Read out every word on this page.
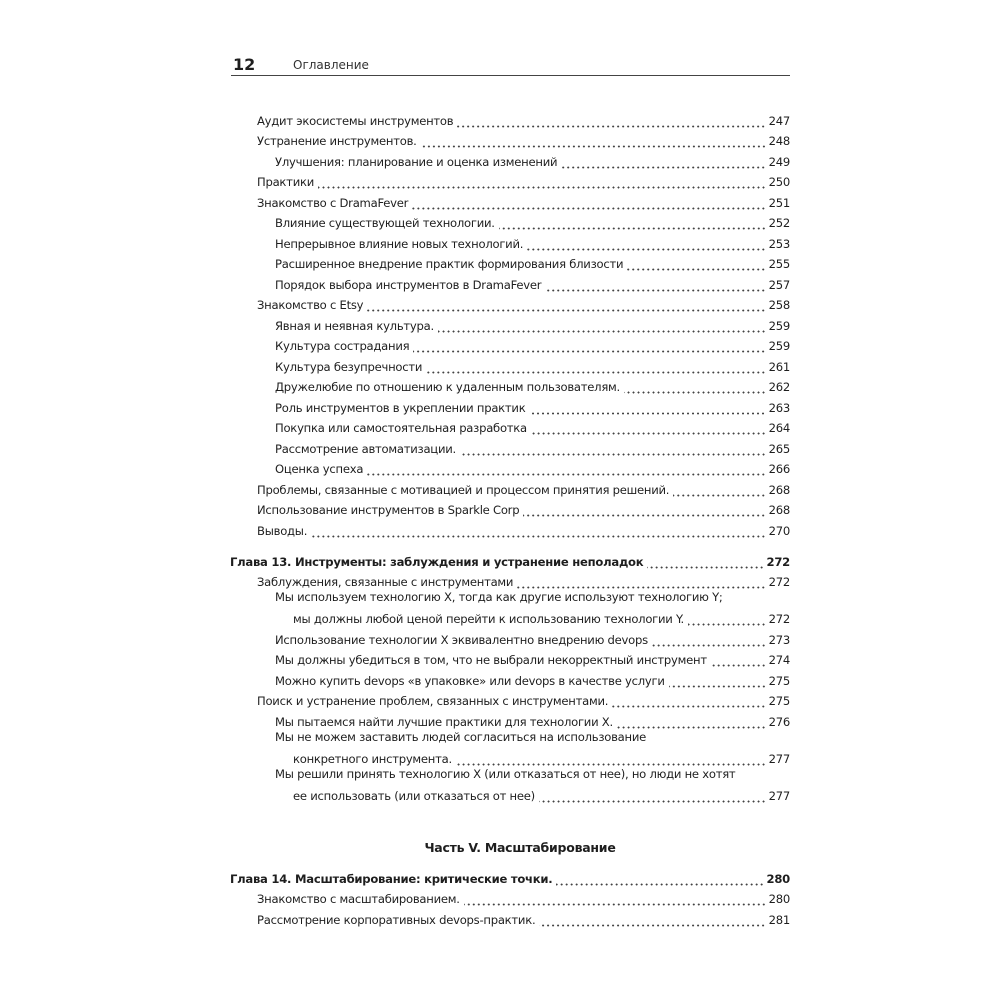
12	Оглавление
Аудит экосистемы инструментов	247
Устранение инструментов.	248
Улучшения: планирование и оценка изменений	249
Практики	250
Знакомство с DramaFever	251
Влияние существующей технологии.	252
Непрерывное влияние новых технологий.	253
Расширенное внедрение практик формирования близости	255
Порядок выбора инструментов в DramaFever	257
Знакомство с Etsy	258
Явная и неявная культура.	259
Культура сострадания	259
Культура безупречности	261
Дружелюбие по отношению к удаленным пользователям.	262
Роль инструментов в укреплении практик	263
Покупка или самостоятельная разработка	264
Рассмотрение автоматизации.	265
Оценка успеха	266
Проблемы, связанные с мотивацией и процессом принятия решений.	268
Использование инструментов в Sparkle Corp	268
Выводы.	270
Глава 13. Инструменты: заблуждения и устранение неполадок	272
Заблуждения, связанные с инструментами	272
Мы используем технологию X, тогда как другие используют технологию Y;
мы должны любой ценой перейти к использованию технологии Y.	272
Использование технологии X эквивалентно внедрению devops	273
Мы должны убедиться в том, что не выбрали некорректный инструмент	274
Можно купить devops «в упаковке» или devops в качестве услуги	275
Поиск и устранение проблем, связанных с инструментами.	275
Мы пытаемся найти лучшие практики для технологии X.	276
Мы не можем заставить людей согласиться на использование
конкретного инструмента.	277
Мы решили принять технологию X (или отказаться от нее), но люди не хотят
ее использовать (или отказаться от нее)	277
Часть V. Масштабирование
Глава 14. Масштабирование: критические точки.	280
Знакомство с масштабированием.	280
Рассмотрение корпоративных devops-практик.	281
